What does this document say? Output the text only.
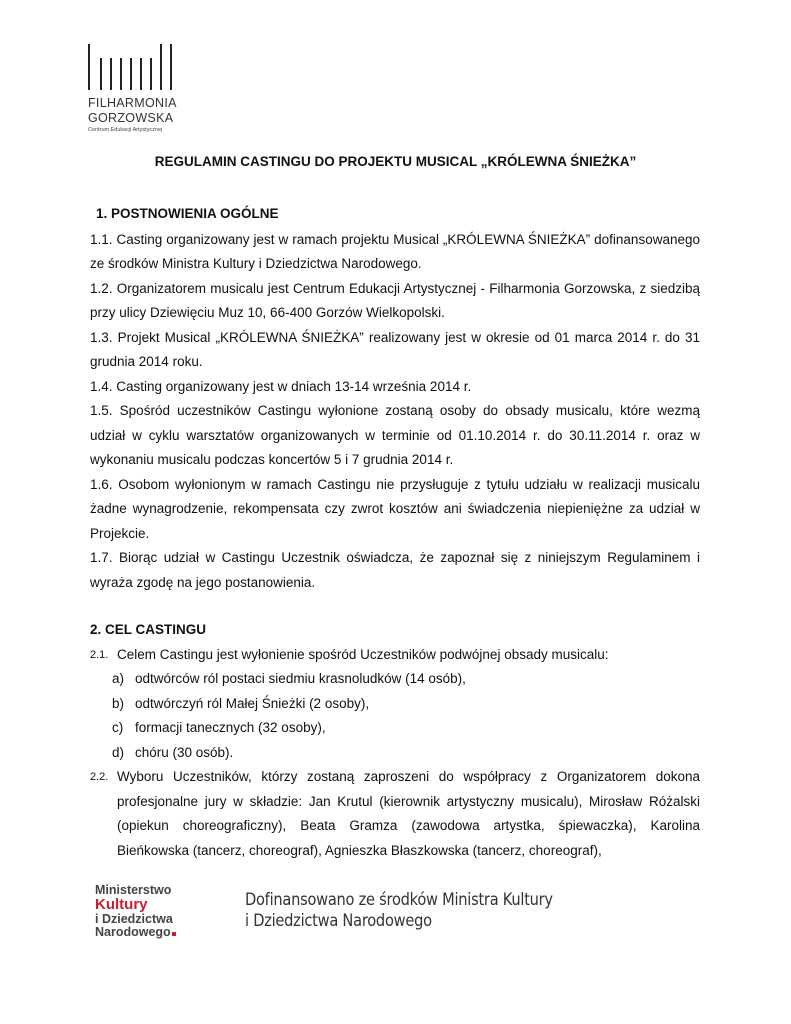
FILHARMONIA
GORZOWSKA
Centrum Edukacji Artystycznej
REGULAMIN CASTINGU DO PROJEKTU MUSICAL „KRÓLEWNA ŚNIEŻKA”
1. POSTNOWIENIA OGÓLNE

1.1. Casting organizowany jest w ramach projektu Musical „KRÓLEWNA ŚNIEŻKA” dofinansowanego ze środków Ministra Kultury i Dziedzictwa Narodowego.

1.2. Organizatorem musicalu jest Centrum Edukacji Artystycznej - Filharmonia Gorzowska, z siedzibą przy ulicy Dziewięciu Muz 10, 66-400 Gorzów Wielkopolski.

1.3. Projekt Musical „KRÓLEWNA ŚNIEŻKA” realizowany jest w okresie od 01 marca 2014 r. do 31 grudnia 2014 roku.

1.4. Casting organizowany jest w dniach 13-14 września 2014 r.

1.5. Spośród uczestników Castingu wyłonione zostaną osoby do obsady musicalu, które wezmą udział w cyklu warsztatów organizowanych w terminie od 01.10.2014 r. do 30.11.2014 r. oraz w wykonaniu musicalu podczas koncertów 5 i 7 grudnia 2014 r.

1.6. Osobom wyłonionym w ramach Castingu nie przysługuje z tytułu udziału w realizacji musicalu żadne wynagrodzenie, rekompensata czy zwrot kosztów ani świadczenia niepieniężne za udział w Projekcie.

1.7. Biorąc udział w Castingu Uczestnik oświadcza, że zapoznał się z niniejszym Regulaminem i wyraża zgodę na jego postanowienia.

2. CEL CASTINGU
2.1. Celem Castingu jest wyłonienie spośród Uczestników podwójnej obsady musicalu:
a) odtwórców ról postaci siedmiu krasnoludków (14 osób),
b) odtwórczyń ról Małej Śnieżki (2 osoby),
c) formacji tanecznych (32 osoby),
d) chóru (30 osób).
2.2. Wyboru Uczestników, którzy zostaną zaproszeni do współpracy z Organizatorem dokona profesjonalne jury w składzie: Jan Krutul (kierownik artystyczny musicalu), Mirosław Różalski (opiekun choreograficzny), Beata Gramza (zawodowa artystka, śpiewaczka), Karolina Bieńkowska (tancerz, choreograf), Agnieszka Błaszkowska (tancerz, choreograf),
Ministerstwo
Kultury
i Dziedzictwa
Narodowego
Dofinansowano ze środków Ministra Kultury
i Dziedzictwa Narodowego
